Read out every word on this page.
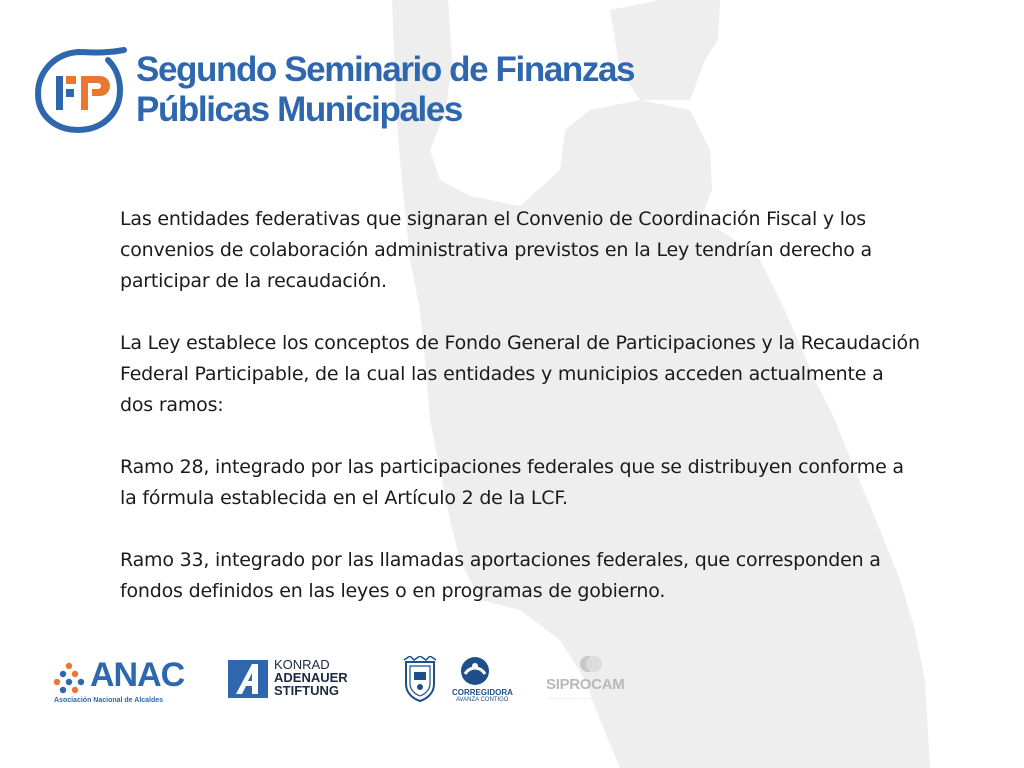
Segundo Seminario de Finanzas
Públicas Municipales

Las entidades federativas que signaran el Convenio de Coordinación Fiscal y los convenios de colaboración administrativa previstos en la Ley tendrían derecho a participar de la recaudación.

La Ley establece los conceptos de Fondo General de Participaciones y la Recaudación Federal Participable, de la cual las entidades y municipios acceden actualmente a dos ramos:

Ramo 28, integrado por las participaciones federales que se distribuyen conforme a la fórmula establecida en el Artículo 2 de la LCF.

Ramo 33, integrado por las llamadas aportaciones federales, que corresponden a fondos definidos en las leyes o en programas de gobierno.

ANAC
Asociación Nacional de Alcaldes
KONRAD
ADENAUER
STIFTUNG	CORREGIDORA
AVANZA CONTIGO
SIPROCAM
— — — — — — — — —
